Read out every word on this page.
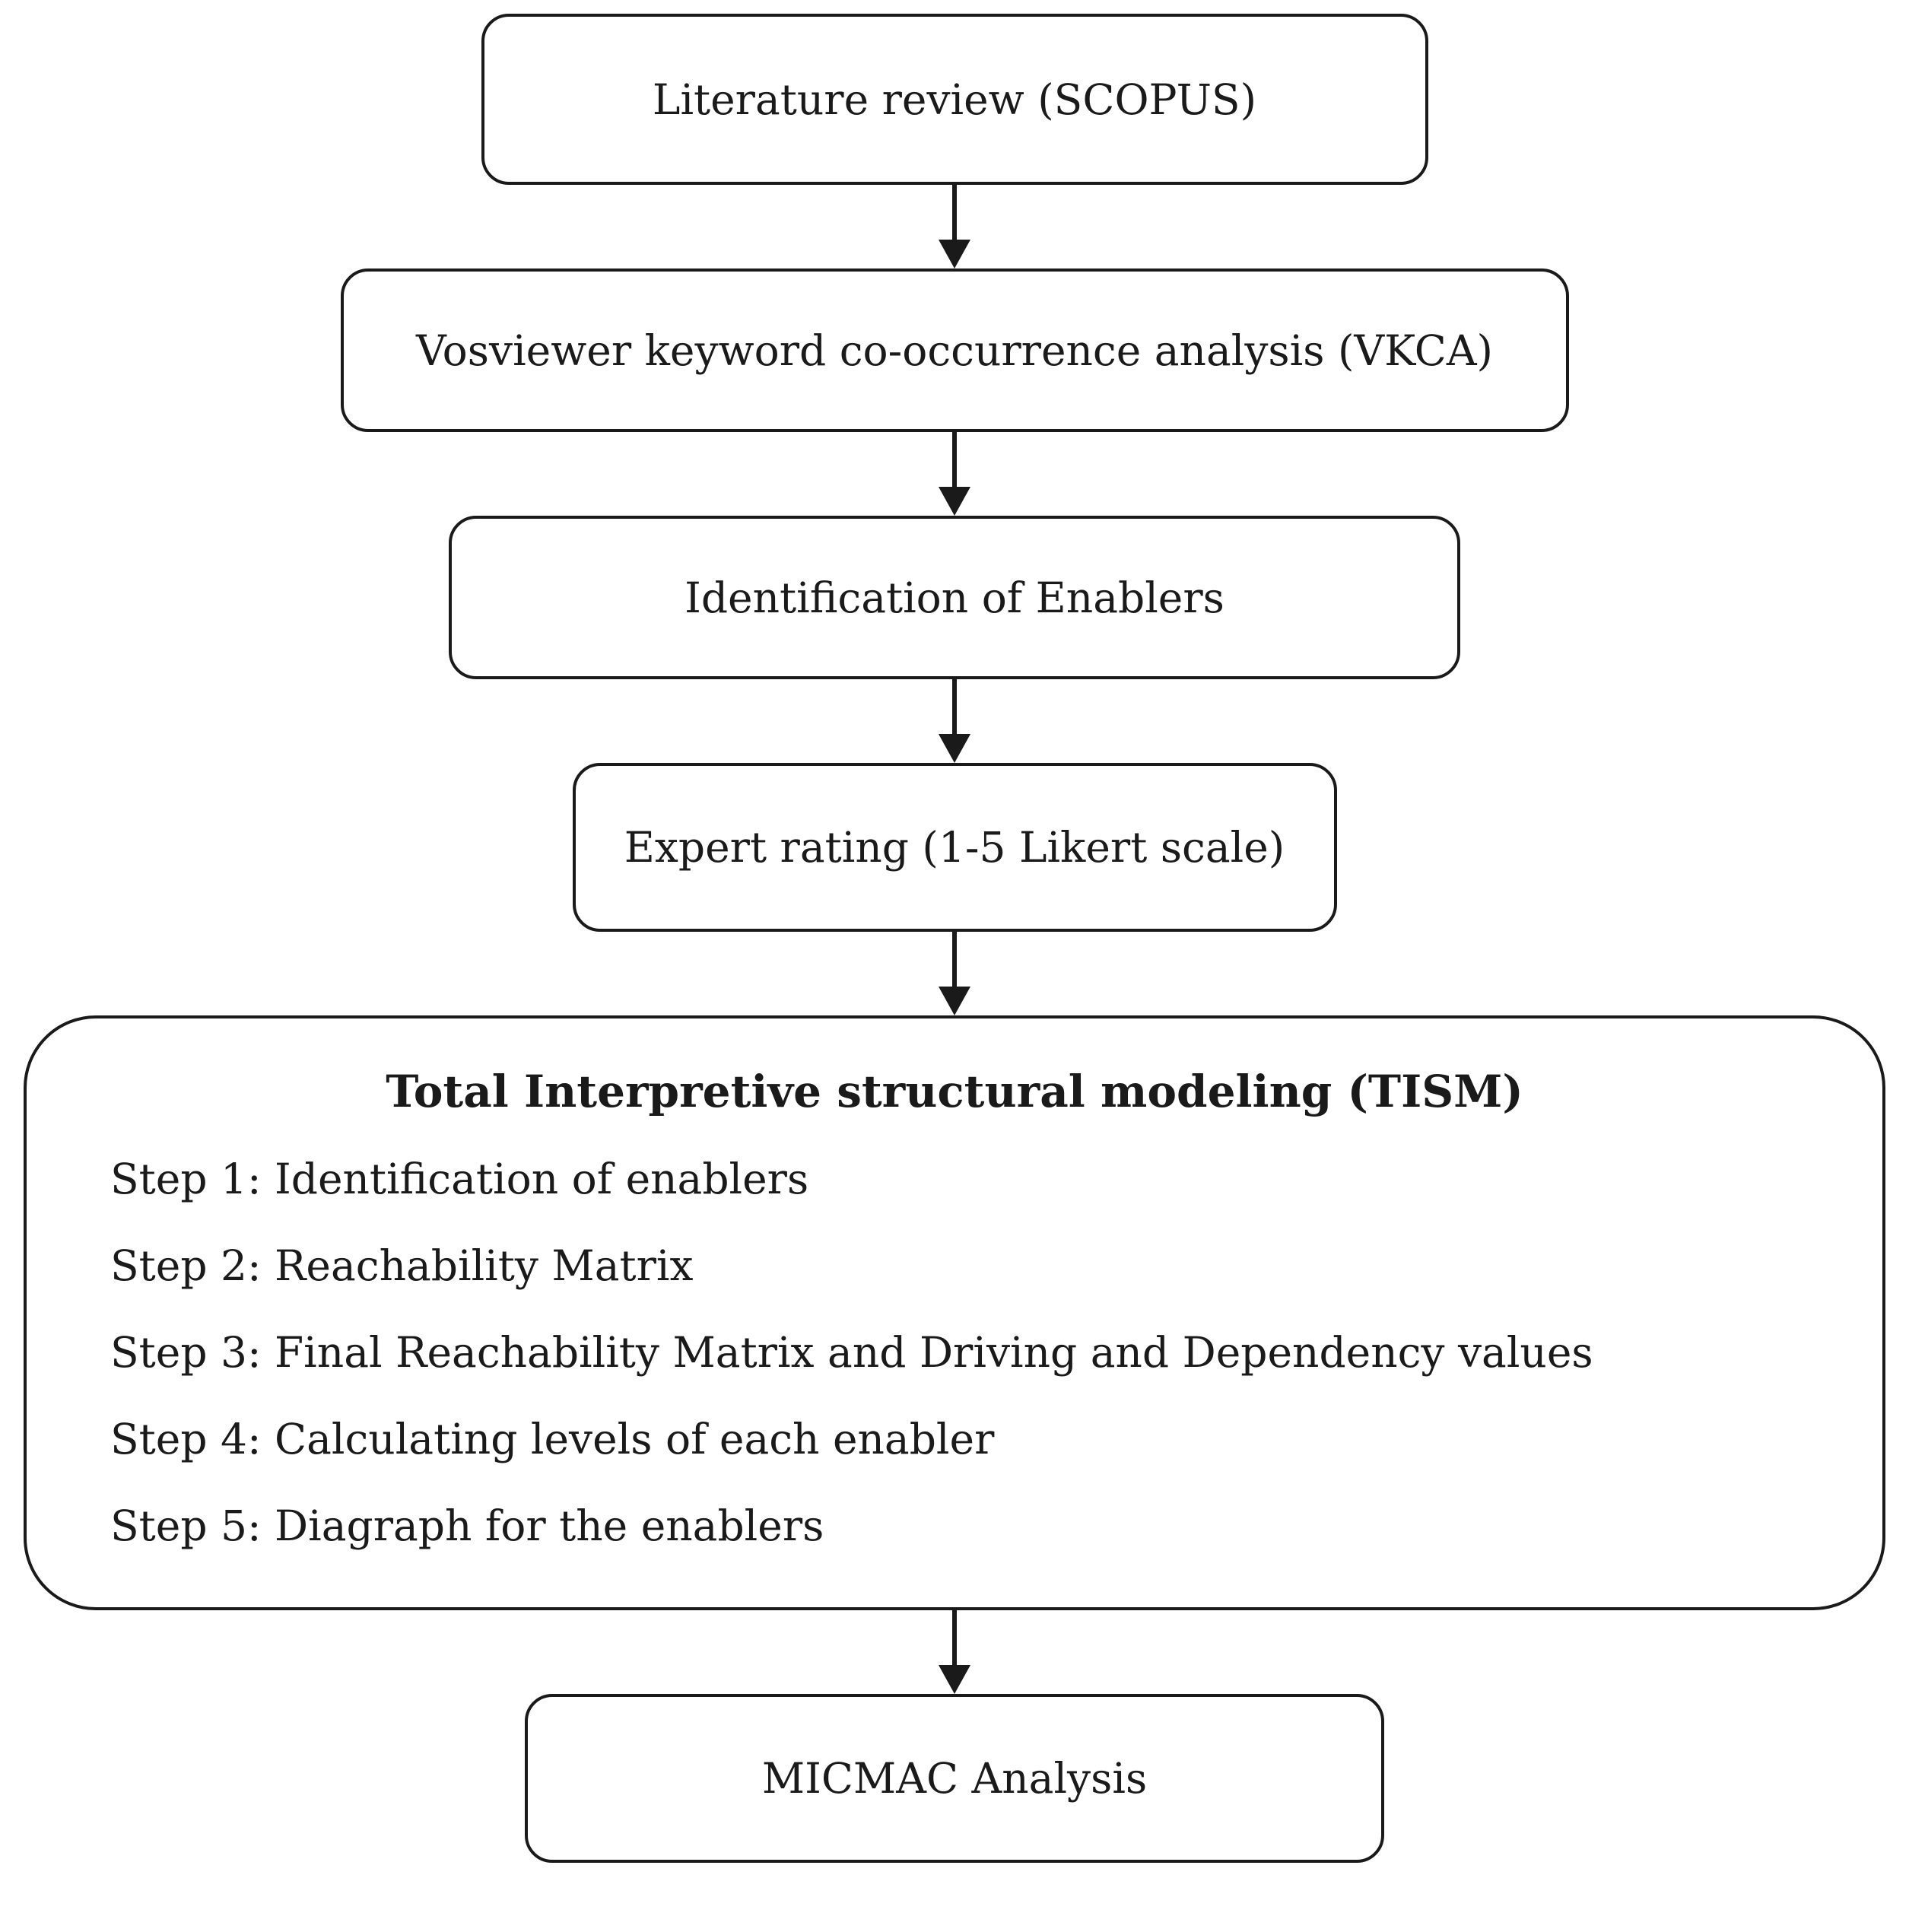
Literature review (SCOPUS)
Vosviewer keyword co-occurrence analysis (VKCA)
Identification of Enablers
Expert rating (1-5 Likert scale)
Total Interpretive structural modeling (TISM)
Step 1: Identification of enablers
Step 2: Reachability Matrix
Step 3: Final Reachability Matrix and Driving and Dependency values
Step 4: Calculating levels of each enabler
Step 5: Diagraph for the enablers
MICMAC Analysis
